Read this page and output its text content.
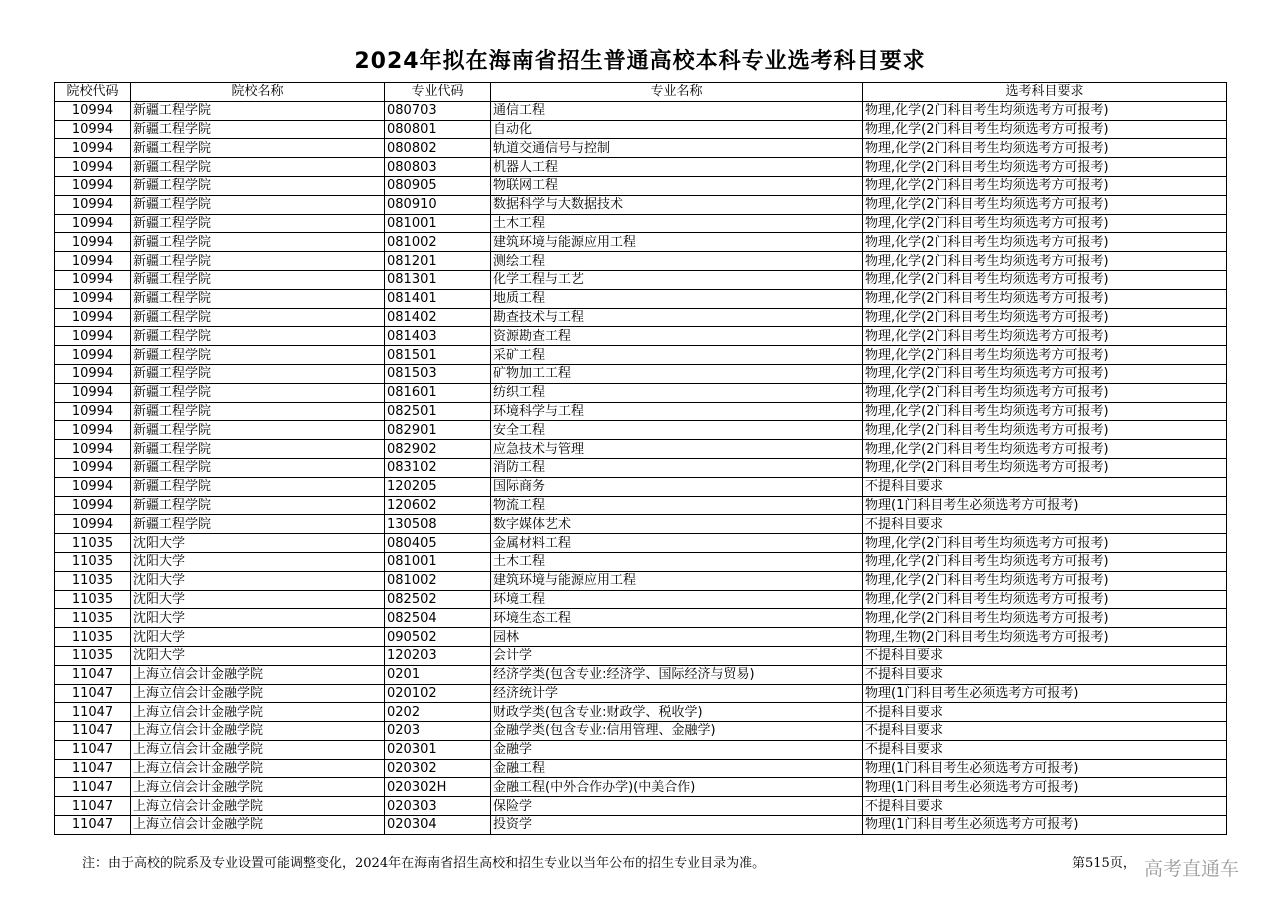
2024年拟在海南省招生普通高校本科专业选考科目要求
院校代码	院校名称	专业代码	专业名称	选考科目要求
10994	新疆工程学院	080703	通信工程	物理,化学(2门科目考生均须选考方可报考)
10994	新疆工程学院	080801	自动化	物理,化学(2门科目考生均须选考方可报考)
10994	新疆工程学院	080802	轨道交通信号与控制	物理,化学(2门科目考生均须选考方可报考)
10994	新疆工程学院	080803	机器人工程	物理,化学(2门科目考生均须选考方可报考)
10994	新疆工程学院	080905	物联网工程	物理,化学(2门科目考生均须选考方可报考)
10994	新疆工程学院	080910	数据科学与大数据技术	物理,化学(2门科目考生均须选考方可报考)
10994	新疆工程学院	081001	土木工程	物理,化学(2门科目考生均须选考方可报考)
10994	新疆工程学院	081002	建筑环境与能源应用工程	物理,化学(2门科目考生均须选考方可报考)
10994	新疆工程学院	081201	测绘工程	物理,化学(2门科目考生均须选考方可报考)
10994	新疆工程学院	081301	化学工程与工艺	物理,化学(2门科目考生均须选考方可报考)
10994	新疆工程学院	081401	地质工程	物理,化学(2门科目考生均须选考方可报考)
10994	新疆工程学院	081402	勘查技术与工程	物理,化学(2门科目考生均须选考方可报考)
10994	新疆工程学院	081403	资源勘查工程	物理,化学(2门科目考生均须选考方可报考)
10994	新疆工程学院	081501	采矿工程	物理,化学(2门科目考生均须选考方可报考)
10994	新疆工程学院	081503	矿物加工工程	物理,化学(2门科目考生均须选考方可报考)
10994	新疆工程学院	081601	纺织工程	物理,化学(2门科目考生均须选考方可报考)
10994	新疆工程学院	082501	环境科学与工程	物理,化学(2门科目考生均须选考方可报考)
10994	新疆工程学院	082901	安全工程	物理,化学(2门科目考生均须选考方可报考)
10994	新疆工程学院	082902	应急技术与管理	物理,化学(2门科目考生均须选考方可报考)
10994	新疆工程学院	083102	消防工程	物理,化学(2门科目考生均须选考方可报考)
10994	新疆工程学院	120205	国际商务	不提科目要求
10994	新疆工程学院	120602	物流工程	物理(1门科目考生必须选考方可报考)
10994	新疆工程学院	130508	数字媒体艺术	不提科目要求
11035	沈阳大学	080405	金属材料工程	物理,化学(2门科目考生均须选考方可报考)
11035	沈阳大学	081001	土木工程	物理,化学(2门科目考生均须选考方可报考)
11035	沈阳大学	081002	建筑环境与能源应用工程	物理,化学(2门科目考生均须选考方可报考)
11035	沈阳大学	082502	环境工程	物理,化学(2门科目考生均须选考方可报考)
11035	沈阳大学	082504	环境生态工程	物理,化学(2门科目考生均须选考方可报考)
11035	沈阳大学	090502	园林	物理,生物(2门科目考生均须选考方可报考)
11035	沈阳大学	120203	会计学	不提科目要求
11047	上海立信会计金融学院	0201	经济学类(包含专业:经济学、国际经济与贸易)	不提科目要求
11047	上海立信会计金融学院	020102	经济统计学	物理(1门科目考生必须选考方可报考)
11047	上海立信会计金融学院	0202	财政学类(包含专业:财政学、税收学)	不提科目要求
11047	上海立信会计金融学院	0203	金融学类(包含专业:信用管理、金融学)	不提科目要求
11047	上海立信会计金融学院	020301	金融学	不提科目要求
11047	上海立信会计金融学院	020302	金融工程	物理(1门科目考生必须选考方可报考)
11047	上海立信会计金融学院	020302H	金融工程(中外合作办学)(中美合作)	物理(1门科目考生必须选考方可报考)
11047	上海立信会计金融学院	020303	保险学	不提科目要求
11047	上海立信会计金融学院	020304	投资学	物理(1门科目考生必须选考方可报考)
注：由于高校的院系及专业设置可能调整变化，2024年在海南省招生高校和招生专业以当年公布的招生专业目录为准。	第515页， 高考直通车
